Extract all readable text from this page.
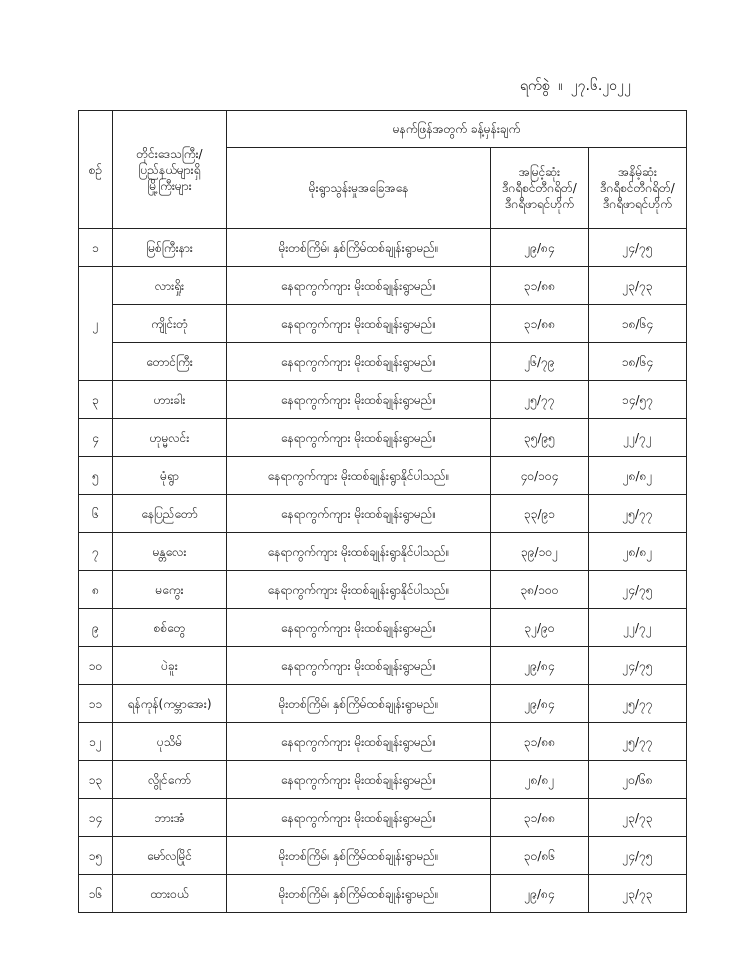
ရက်စွဲ ။ ၂၇.၆.၂၀၂၂
စဉ်	တိုင်းဒေသကြီး/
ပြည်နယ်များရှိ
မြို့ကြီးများ	မနက်ဖြန်အတွက် ခန့်မှန်းချက်		
		မိုးရွာသွန်းမှုအခြေအနေ	အမြင့်ဆုံး
ဒီဂရီစင်တီဂရိတ်/
ဒီဂရီဖာရင်ဟိုက်	အနိမ့်ဆုံး
ဒီဂရီစင်တီဂရိတ်/
ဒီဂရီဖာရင်ဟိုက်

၁	မြစ်ကြီးနား	မိုးတစ်ကြိမ်၊ နှစ်ကြိမ်ထစ်ချုန်းရွာမည်။	၂၉/၈၄	၂၄/၇၅
၂	လားရှိုး	နေရာကွက်ကျား မိုးထစ်ချုန်းရွာမည်။	၃၁/၈၈	၂၃/၇၃
	ကျိုင်းတုံ	နေရာကွက်ကျား မိုးထစ်ချုန်းရွာမည်။	၃၁/၈၈	၁၈/၆၄
	တောင်ကြီး	နေရာကွက်ကျား မိုးထစ်ချုန်းရွာမည်။	၂၆/၇၉	၁၈/၆၄
၃	ဟားခါး	နေရာကွက်ကျား မိုးထစ်ချုန်းရွာမည်။	၂၅/၇၇	၁၄/၅၇
၄	ဟုမ္မလင်း	နေရာကွက်ကျား မိုးထစ်ချုန်းရွာမည်။	၃၅/၉၅	၂၂/၇၂
၅	မုံရွာ	နေရာကွက်ကျား မိုးထစ်ချုန်းရွာနိုင်ပါသည်။	၄၀/၁၀၄	၂၈/၈၂
၆	နေပြည်တော်	နေရာကွက်ကျား မိုးထစ်ချုန်းရွာမည်။	၃၃/၉၁	၂၅/၇၇
၇	မန္တလေး	နေရာကွက်ကျား မိုးထစ်ချုန်းရွာနိုင်ပါသည်။	၃၉/၁၀၂	၂၈/၈၂
၈	မကွေး	နေရာကွက်ကျား မိုးထစ်ချုန်းရွာနိုင်ပါသည်။	၃၈/၁၀၀	၂၄/၇၅
၉	စစ်တွေ	နေရာကွက်ကျား မိုးထစ်ချုန်းရွာမည်။	၃၂/၉၀	၂၂/၇၂
၁၀	ပဲခူး	နေရာကွက်ကျား မိုးထစ်ချုန်းရွာမည်။	၂၉/၈၄	၂၄/၇၅
၁၁	ရန်ကုန်(ကမ္ဘာအေး)	မိုးတစ်ကြိမ်၊ နှစ်ကြိမ်ထစ်ချုန်းရွာမည်။	၂၉/၈၄	၂၅/၇၇
၁၂	ပုသိမ်	နေရာကွက်ကျား မိုးထစ်ချုန်းရွာမည်။	၃၁/၈၈	၂၅/၇၇
၁၃	လွိုင်ကော်	နေရာကွက်ကျား မိုးထစ်ချုန်းရွာမည်။	၂၈/၈၂	၂၀/၆၈
၁၄	ဘားအံ	နေရာကွက်ကျား မိုးထစ်ချုန်းရွာမည်။	၃၁/၈၈	၂၃/၇၃
၁၅	မော်လမြိုင်	မိုးတစ်ကြိမ်၊ နှစ်ကြိမ်ထစ်ချုန်းရွာမည်။	၃၀/၈၆	၂၄/၇၅
၁၆	ထားဝယ်	မိုးတစ်ကြိမ်၊ နှစ်ကြိမ်ထစ်ချုန်းရွာမည်။	၂၉/၈၄	၂၃/၇၃
